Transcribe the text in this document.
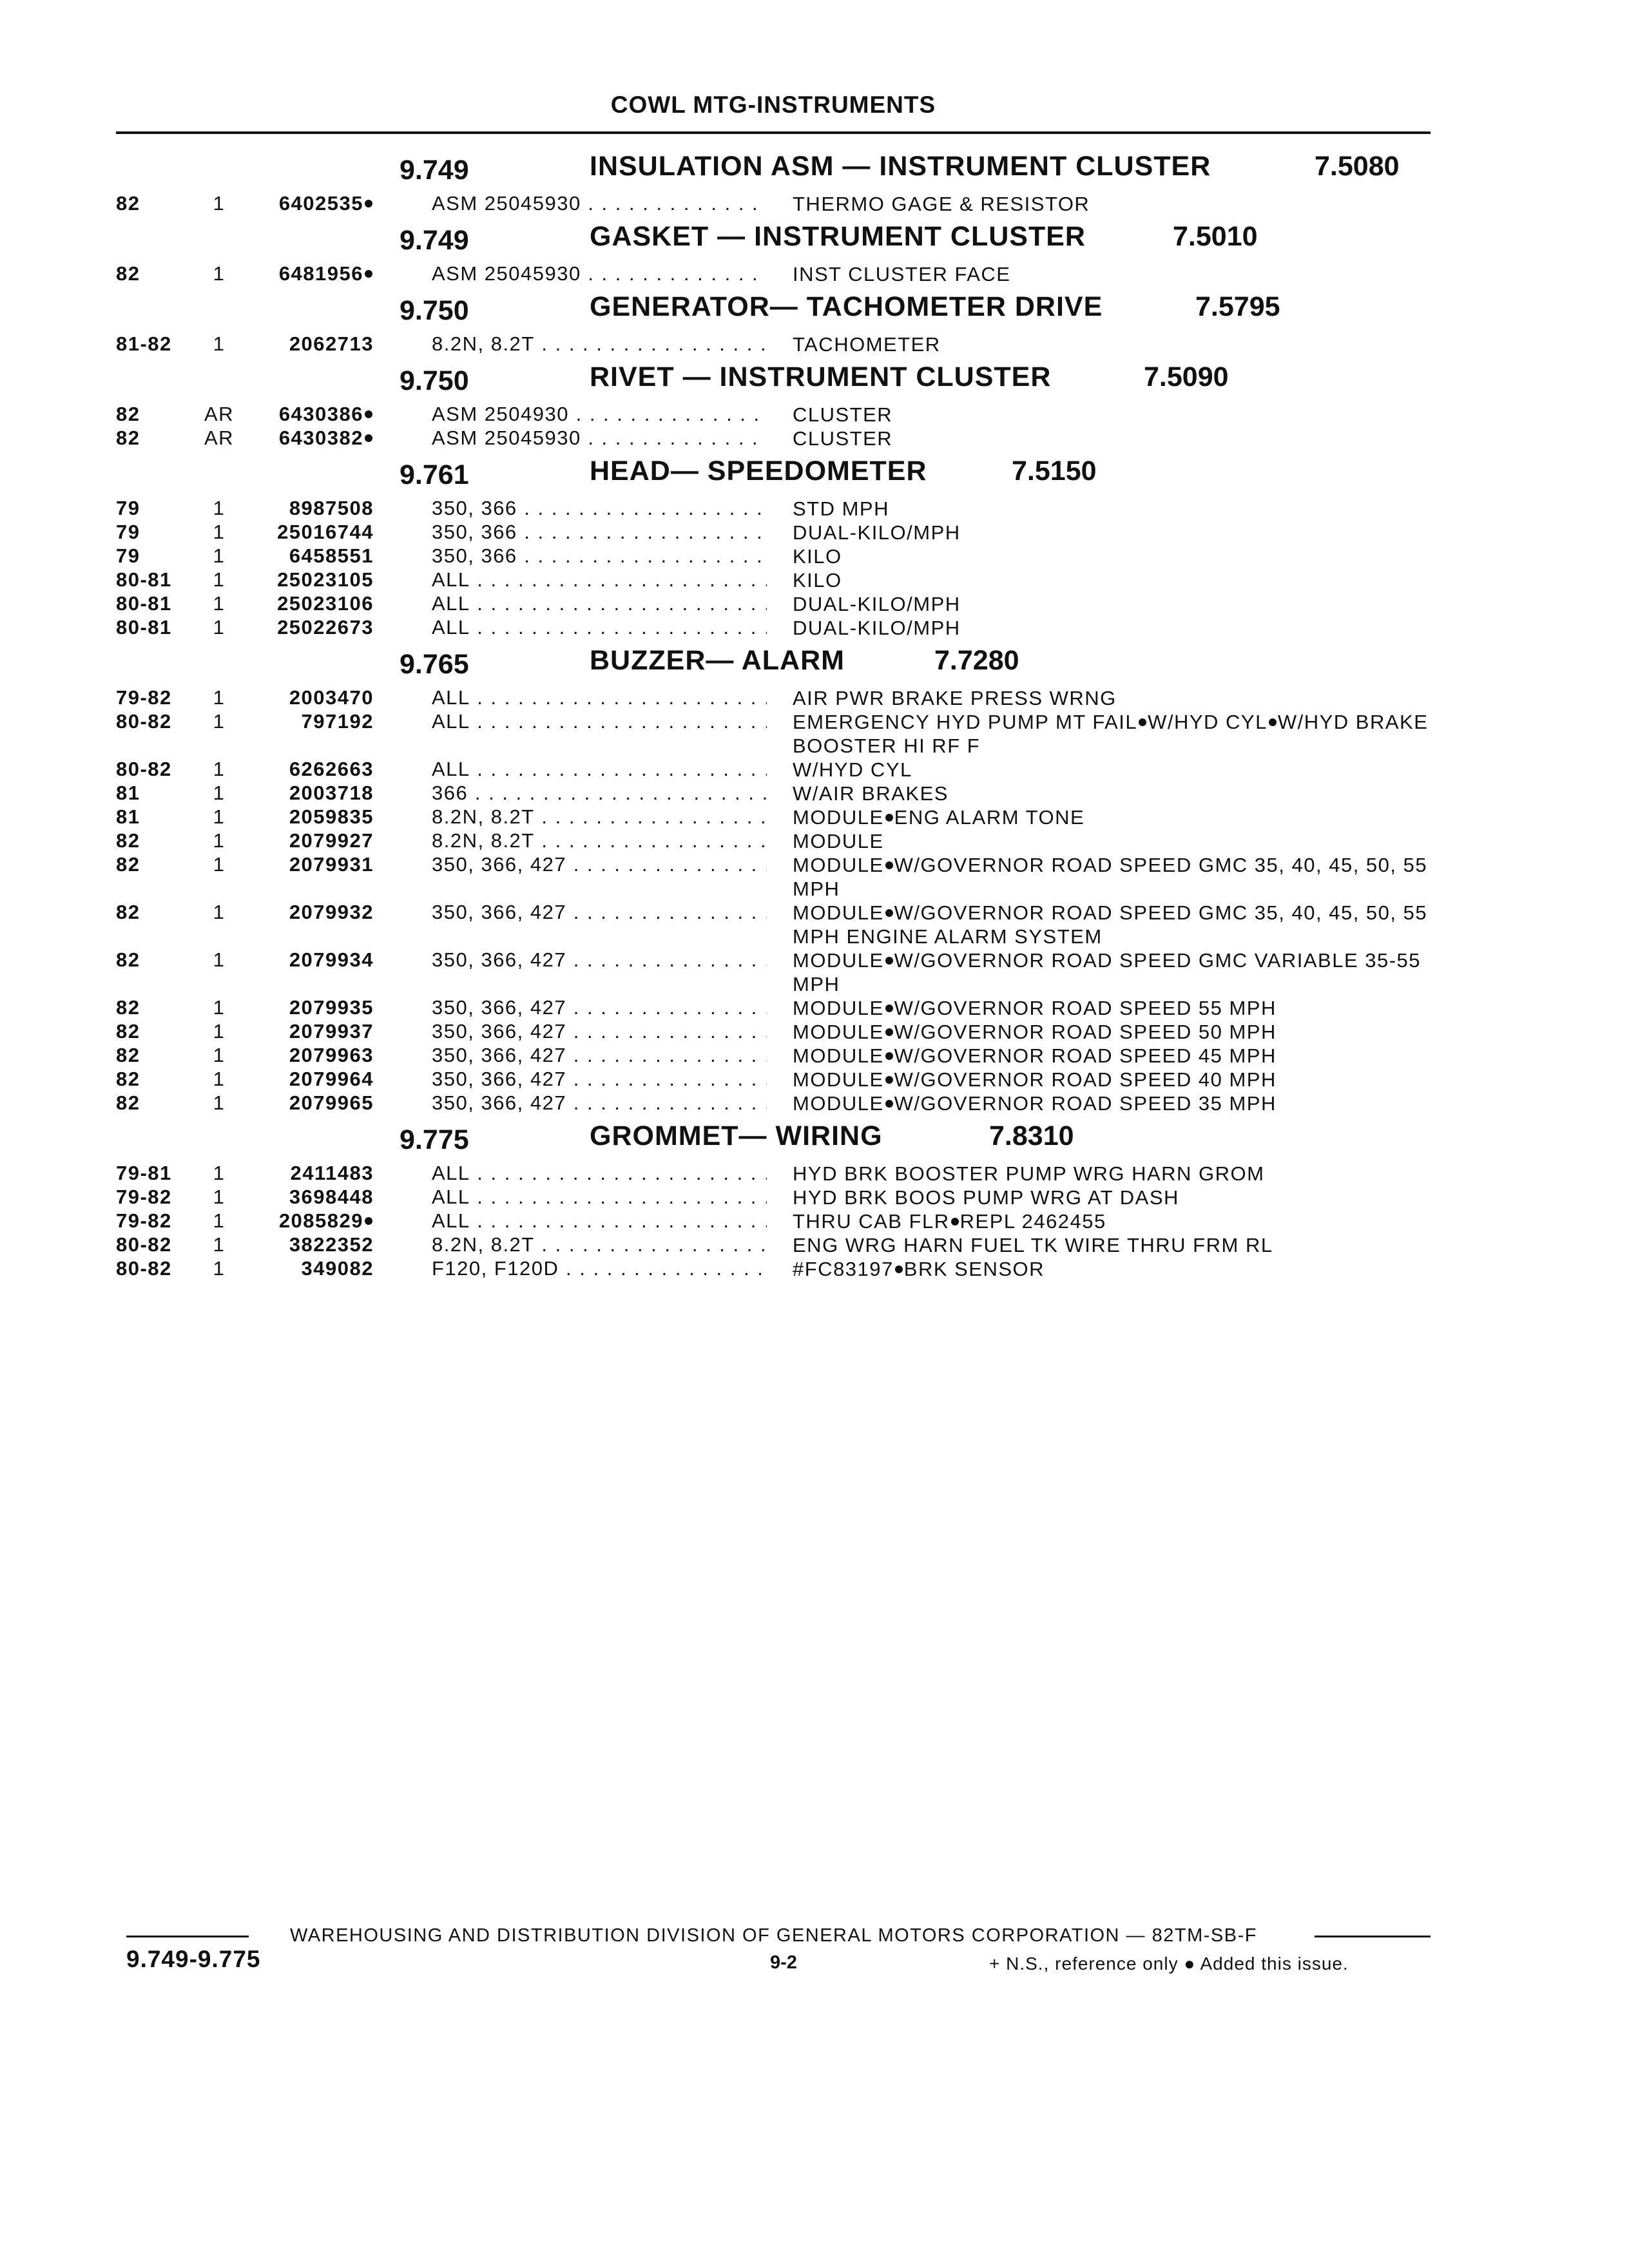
COWL MTG-INSTRUMENTS
9.749	INSULATION ASM — INSTRUMENT CLUSTER	7.5080
82	1	6402535	ASM 25045930 . . .	THERMO GAGE & RESISTOR
9.749	GASKET — INSTRUMENT CLUSTER	7.5010
82	1	6481956	ASM 25045930 . . .	INST CLUSTER FACE
9.750	GENERATOR— TACHOMETER DRIVE	7.5795
81-82	1	2062713	8.2N, 8.2T . . .	TACHOMETER
9.750	RIVET — INSTRUMENT CLUSTER	7.5090
82	AR	6430386	ASM 2504930 . . .	CLUSTER
82	AR	6430382	ASM 25045930 . . .	CLUSTER
9.761	HEAD— SPEEDOMETER	7.5150
79	1	8987508	350, 366 . . .	STD MPH
79	1	25016744	350, 366 . . .	DUAL-KILO/MPH
79	1	6458551	350, 366 . . .	KILO
80-81	1	25023105	ALL . . .	KILO
80-81	1	25023106	ALL . . .	DUAL-KILO/MPH
80-81	1	25022673	ALL . . .	DUAL-KILO/MPH
9.765	BUZZER— ALARM	7.7280
79-82	1	2003470	ALL . . .	AIR PWR BRAKE PRESS WRNG
80-82	1	797192	ALL . . .	EMERGENCY HYD PUMP MT FAIL W/HYD CYL W/HYD BRAKE BOOSTER HI RF F
80-82	1	6262663	ALL . . .	W/HYD CYL
81	1	2003718	366 . . .	W/AIR BRAKES
81	1	2059835	8.2N, 8.2T . . .	MODULE ENG ALARM TONE
82	1	2079927	8.2N, 8.2T . . .	MODULE
82	1	2079931	350, 366, 427 . . .	MODULE W/GOVERNOR ROAD SPEED GMC 35, 40, 45, 50, 55 MPH
82	1	2079932	350, 366, 427 . . .	MODULE W/GOVERNOR ROAD SPEED GMC 35, 40, 45, 50, 55 MPH ENGINE ALARM SYSTEM
82	1	2079934	350, 366, 427 . . .	MODULE W/GOVERNOR ROAD SPEED GMC VARIABLE 35-55 MPH
82	1	2079935	350, 366, 427 . . .	MODULE W/GOVERNOR ROAD SPEED 55 MPH
82	1	2079937	350, 366, 427 . . .	MODULE W/GOVERNOR ROAD SPEED 50 MPH
82	1	2079963	350, 366, 427 . . .	MODULE W/GOVERNOR ROAD SPEED 45 MPH
82	1	2079964	350, 366, 427 . . .	MODULE W/GOVERNOR ROAD SPEED 40 MPH
82	1	2079965	350, 366, 427 . . .	MODULE W/GOVERNOR ROAD SPEED 35 MPH
9.775	GROMMET— WIRING	7.8310
79-81	1	2411483	ALL . . .	HYD BRK BOOSTER PUMP WRG HARN GROM
79-82	1	3698448	ALL . . .	HYD BRK BOOS PUMP WRG AT DASH
79-82	1	2085829	ALL . . .	THRU CAB FLR REPL 2462455
80-82	1	3822352	8.2N, 8.2T . . .	ENG WRG HARN FUEL TK WIRE THRU FRM RL
80-82	1	349082	F120, F120D . . .	#FC83197 BRK SENSOR
WAREHOUSING AND DISTRIBUTION DIVISION OF GENERAL MOTORS CORPORATION — 82TM-SB-F
9.749-9.775	9-2	+ N.S., reference only ● Added this issue.
